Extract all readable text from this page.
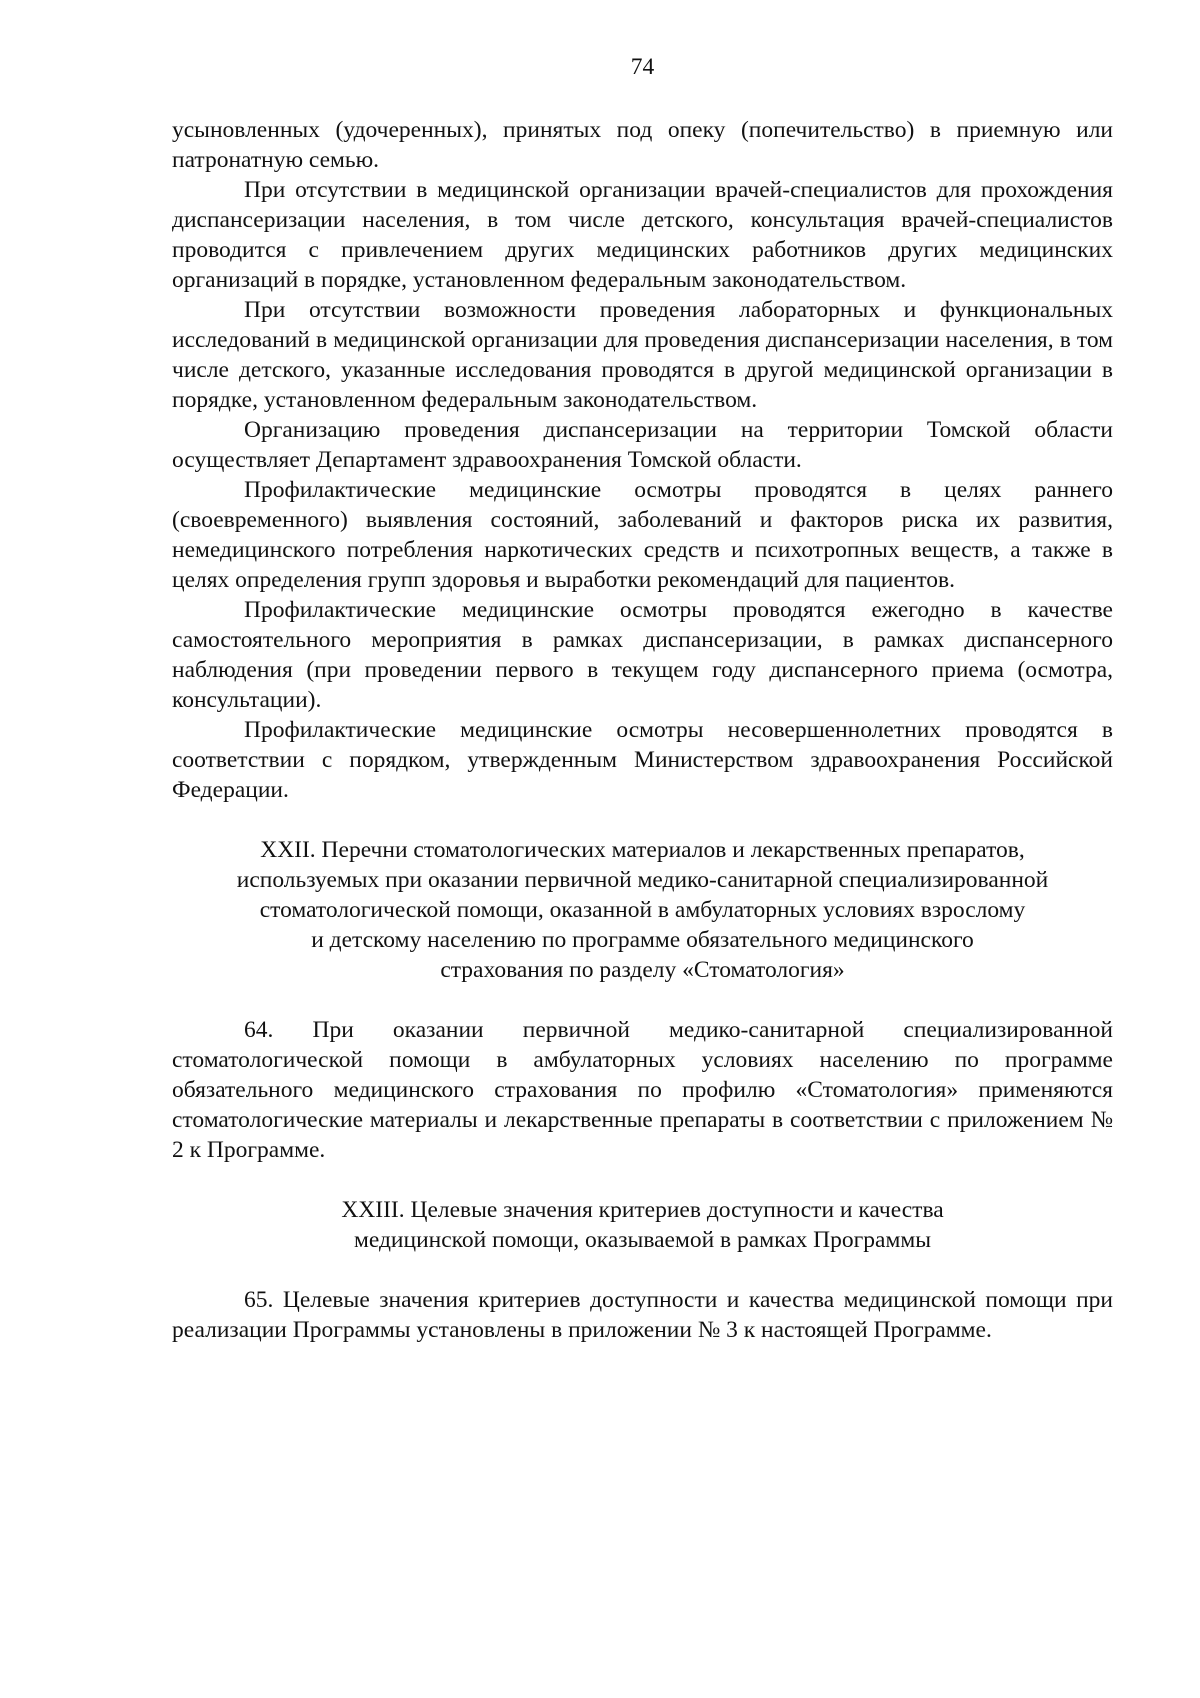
74

усыновленных (удочеренных), принятых под опеку (попечительство) в приемную или патронатную семью.

При отсутствии в медицинской организации врачей-специалистов для прохождения диспансеризации населения, в том числе детского, консультация врачей-специалистов проводится с привлечением других медицинских работников других медицинских организаций в порядке, установленном федеральным законодательством.

При отсутствии возможности проведения лабораторных и функциональных исследований в медицинской организации для проведения диспансеризации населения, в том числе детского, указанные исследования проводятся в другой медицинской организации в порядке, установленном федеральным законодательством.

Организацию проведения диспансеризации на территории Томской области осуществляет Департамент здравоохранения Томской области.

Профилактические медицинские осмотры проводятся в целях раннего (своевременного) выявления состояний, заболеваний и факторов риска их развития, немедицинского потребления наркотических средств и психотропных веществ, а также в целях определения групп здоровья и выработки рекомендаций для пациентов.

Профилактические медицинские осмотры проводятся ежегодно в качестве самостоятельного мероприятия в рамках диспансеризации, в рамках диспансерного наблюдения (при проведении первого в текущем году диспансерного приема (осмотра, консультации).

Профилактические медицинские осмотры несовершеннолетних проводятся в соответствии с порядком, утвержденным Министерством здравоохранения Российской Федерации.

XXII. Перечни стоматологических материалов и лекарственных препаратов,
используемых при оказании первичной медико-санитарной специализированной
стоматологической помощи, оказанной в амбулаторных условиях взрослому
и детскому населению по программе обязательного медицинского
страхования по разделу «Стоматология»

64. При оказании первичной медико-санитарной специализированной стоматологической помощи в амбулаторных условиях населению по программе обязательного медицинского страхования по профилю «Стоматология» применяются стоматологические материалы и лекарственные препараты в соответствии с приложением № 2 к Программе.

XXIII. Целевые значения критериев доступности и качества
медицинской помощи, оказываемой в рамках Программы

65. Целевые значения критериев доступности и качества медицинской помощи при реализации Программы установлены в приложении № 3 к настоящей Программе.
